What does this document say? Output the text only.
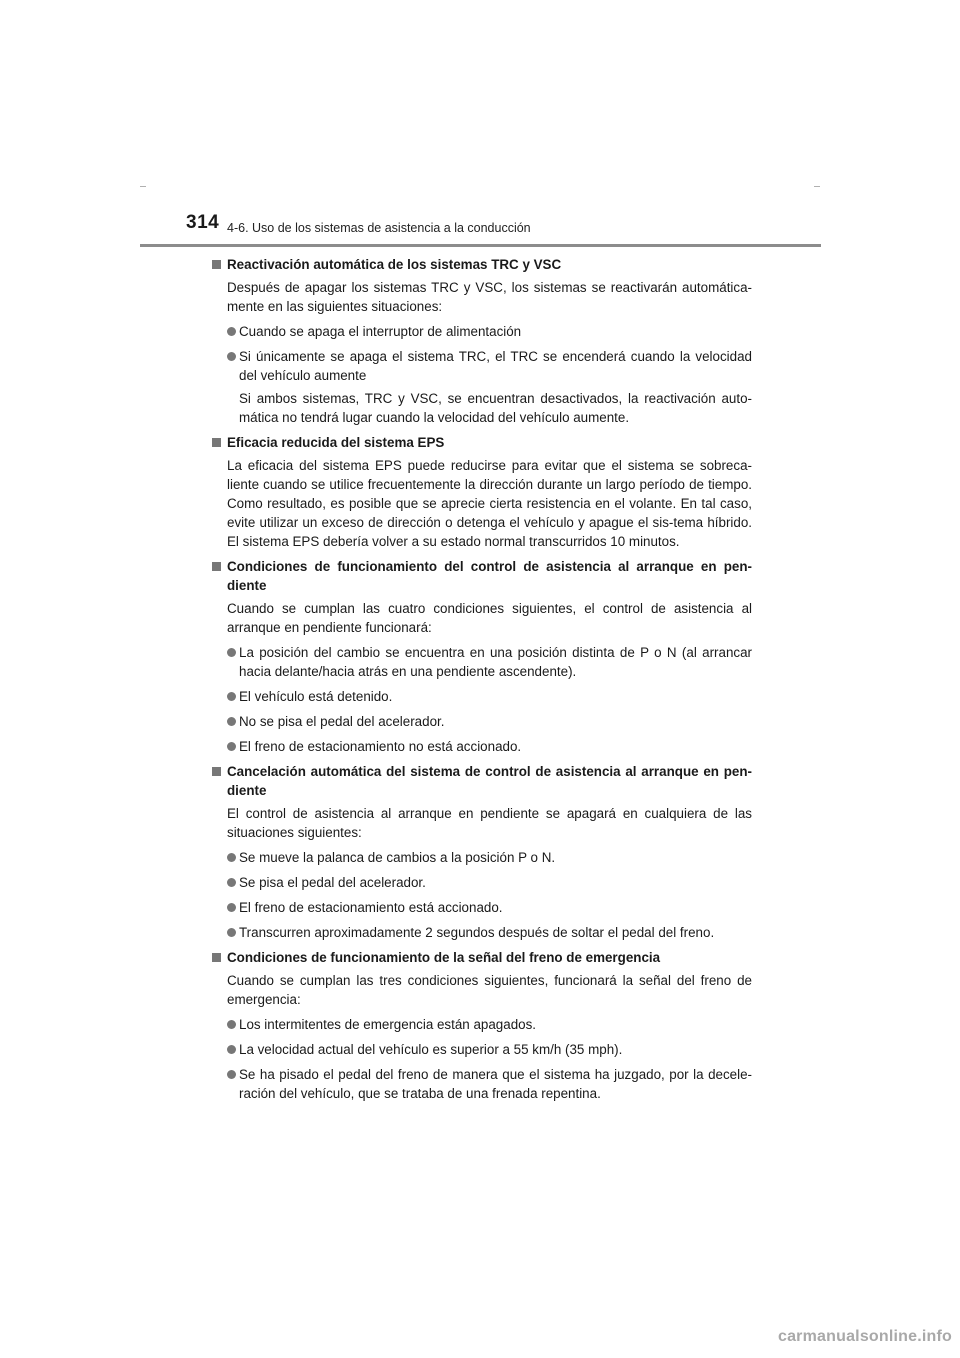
314 4-6. Uso de los sistemas de asistencia a la conducción
Reactivación automática de los sistemas TRC y VSC
Después de apagar los sistemas TRC y VSC, los sistemas se reactivarán automática-mente en las siguientes situaciones:
Cuando se apaga el interruptor de alimentación
Si únicamente se apaga el sistema TRC, el TRC se encenderá cuando la velocidad del vehículo aumente
Si ambos sistemas, TRC y VSC, se encuentran desactivados, la reactivación auto-mática no tendrá lugar cuando la velocidad del vehículo aumente.
Eficacia reducida del sistema EPS
La eficacia del sistema EPS puede reducirse para evitar que el sistema se sobreca-liente cuando se utilice frecuentemente la dirección durante un largo período de tiempo. Como resultado, es posible que se aprecie cierta resistencia en el volante. En tal caso, evite utilizar un exceso de dirección o detenga el vehículo y apague el sis-tema híbrido. El sistema EPS debería volver a su estado normal transcurridos 10 minutos.
Condiciones de funcionamiento del control de asistencia al arranque en pen-diente
Cuando se cumplan las cuatro condiciones siguientes, el control de asistencia al arranque en pendiente funcionará:
La posición del cambio se encuentra en una posición distinta de P o N (al arrancar hacia delante/hacia atrás en una pendiente ascendente).
El vehículo está detenido.
No se pisa el pedal del acelerador.
El freno de estacionamiento no está accionado.
Cancelación automática del sistema de control de asistencia al arranque en pen-diente
El control de asistencia al arranque en pendiente se apagará en cualquiera de las situaciones siguientes:
Se mueve la palanca de cambios a la posición P o N.
Se pisa el pedal del acelerador.
El freno de estacionamiento está accionado.
Transcurren aproximadamente 2 segundos después de soltar el pedal del freno.
Condiciones de funcionamiento de la señal del freno de emergencia
Cuando se cumplan las tres condiciones siguientes, funcionará la señal del freno de emergencia:
Los intermitentes de emergencia están apagados.
La velocidad actual del vehículo es superior a 55 km/h (35 mph).
Se ha pisado el pedal del freno de manera que el sistema ha juzgado, por la decele-ración del vehículo, que se trataba de una frenada repentina.
carmanualsonline.info
